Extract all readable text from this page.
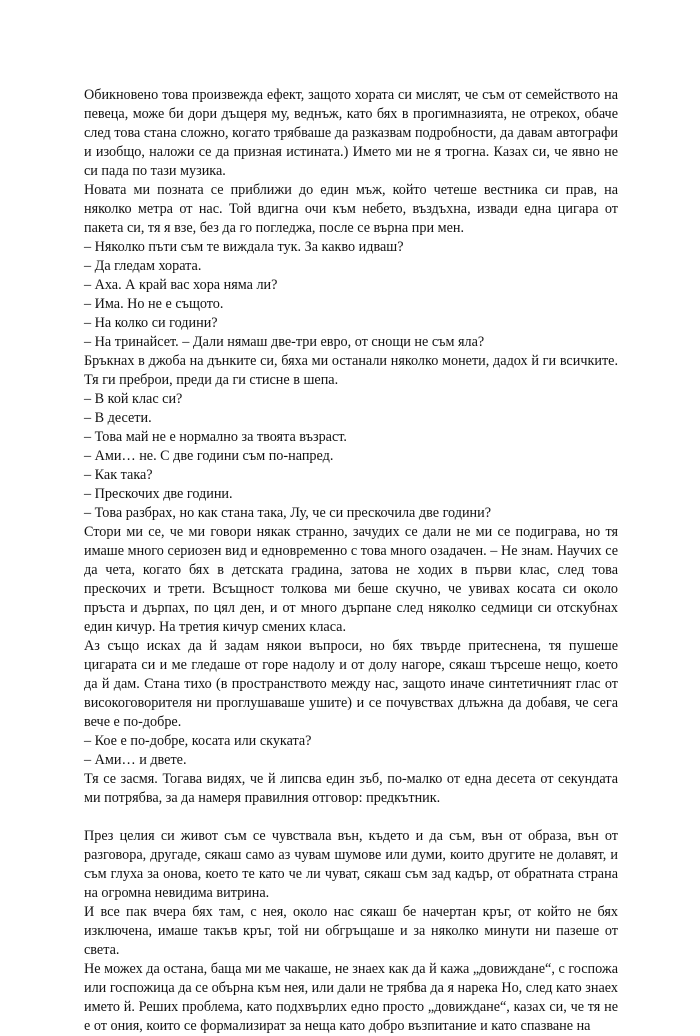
Обикновено това произвежда ефект, защото хората си мислят, че съм от семейството на певеца, може би дори дъщеря му, веднъж, като бях в прогимназията, не отрекох, обаче след това стана сложно, когато трябваше да разказвам подробности, да давам автографи и изобщо, наложи се да призная истината.) Името ми не я трогна. Казах си, че явно не си пада по тази музика.

Новата ми позната се приближи до един мъж, който четеше вестника си прав, на няколко метра от нас. Той вдигна очи към небето, въздъхна, извади една цигара от пакета си, тя я взе, без да го погледжа, после се върна при мен.

– Няколко пъти съм те виждала тук. За какво идваш?

– Да гледам хората.

– Аха. А край вас хора няма ли?

– Има. Но не е същото.

– На колко си години?

– На тринайсет. – Дали нямаш две-три евро, от снощи не съм яла?

Бръкнах в джоба на дънките си, бяха ми останали няколко монети, дадох й ги всичките. Тя ги преброи, преди да ги стисне в шепа.

– В кой клас си?

– В десети.

– Това май не е нормално за твоята възраст.

– Ами… не. С две години съм по-напред.

– Как така?

– Прескочих две години.

– Това разбрах, но как стана така, Лу, че си прескочила две години?

Стори ми се, че ми говори някак странно, зачудих се дали не ми се подиграва, но тя имаше много сериозен вид и едновременно с това много озадачен. – Не знам. Научих се да чета, когато бях в детската градина, затова не ходих в първи клас, след това прескочих и трети. Всъщност толкова ми беше скучно, че увивах косата си около пръста и дърпах, по цял ден, и от много дърпане след няколко седмици си отскубнах един кичур. На третия кичур смених класа.

Аз също исках да й задам някои въпроси, но бях твърде притеснена, тя пушеше цигарата си и ме гледаше от горе надолу и от долу нагоре, сякаш търсеше нещо, което да й дам. Стана тихо (в пространството между нас, защото иначе синтетичният глас от високоговорителя ни проглушаваше ушите) и се почувствах длъжна да добавя, че сега вече е по-добре.

– Кое е по-добре, косата или скуката?

– Ами… и двете.

Тя се засмя. Тогава видях, че й липсва един зъб, по-малко от една десета от секундата ми потрябва, за да намеря правилния отговор: предкътник.

През целия си живот съм се чувствала вън, където и да съм, вън от образа, вън от разговора, другаде, сякаш само аз чувам шумове или думи, които другите не долавят, и съм глуха за онова, което те като че ли чуват, сякаш съм зад кадър, от обратната страна на огромна невидима витрина.

И все пак вчера бях там, с нея, около нас сякаш бе начертан кръг, от който не бях изключена, имаше такъв кръг, той ни обгръщаше и за няколко минути ни пазеше от света.

Не можех да остана, баща ми ме чакаше, не знаех как да й кажа „довиждане“, с госпожа или госпожица да се обърна към нея, или дали не трябва да я нарека Но, след като знаех името й. Реших проблема, като подхвърлих едно просто „довиждане“, казах си, че тя не е от ония, които се формализират за неща като добро възпитание и като спазване на
